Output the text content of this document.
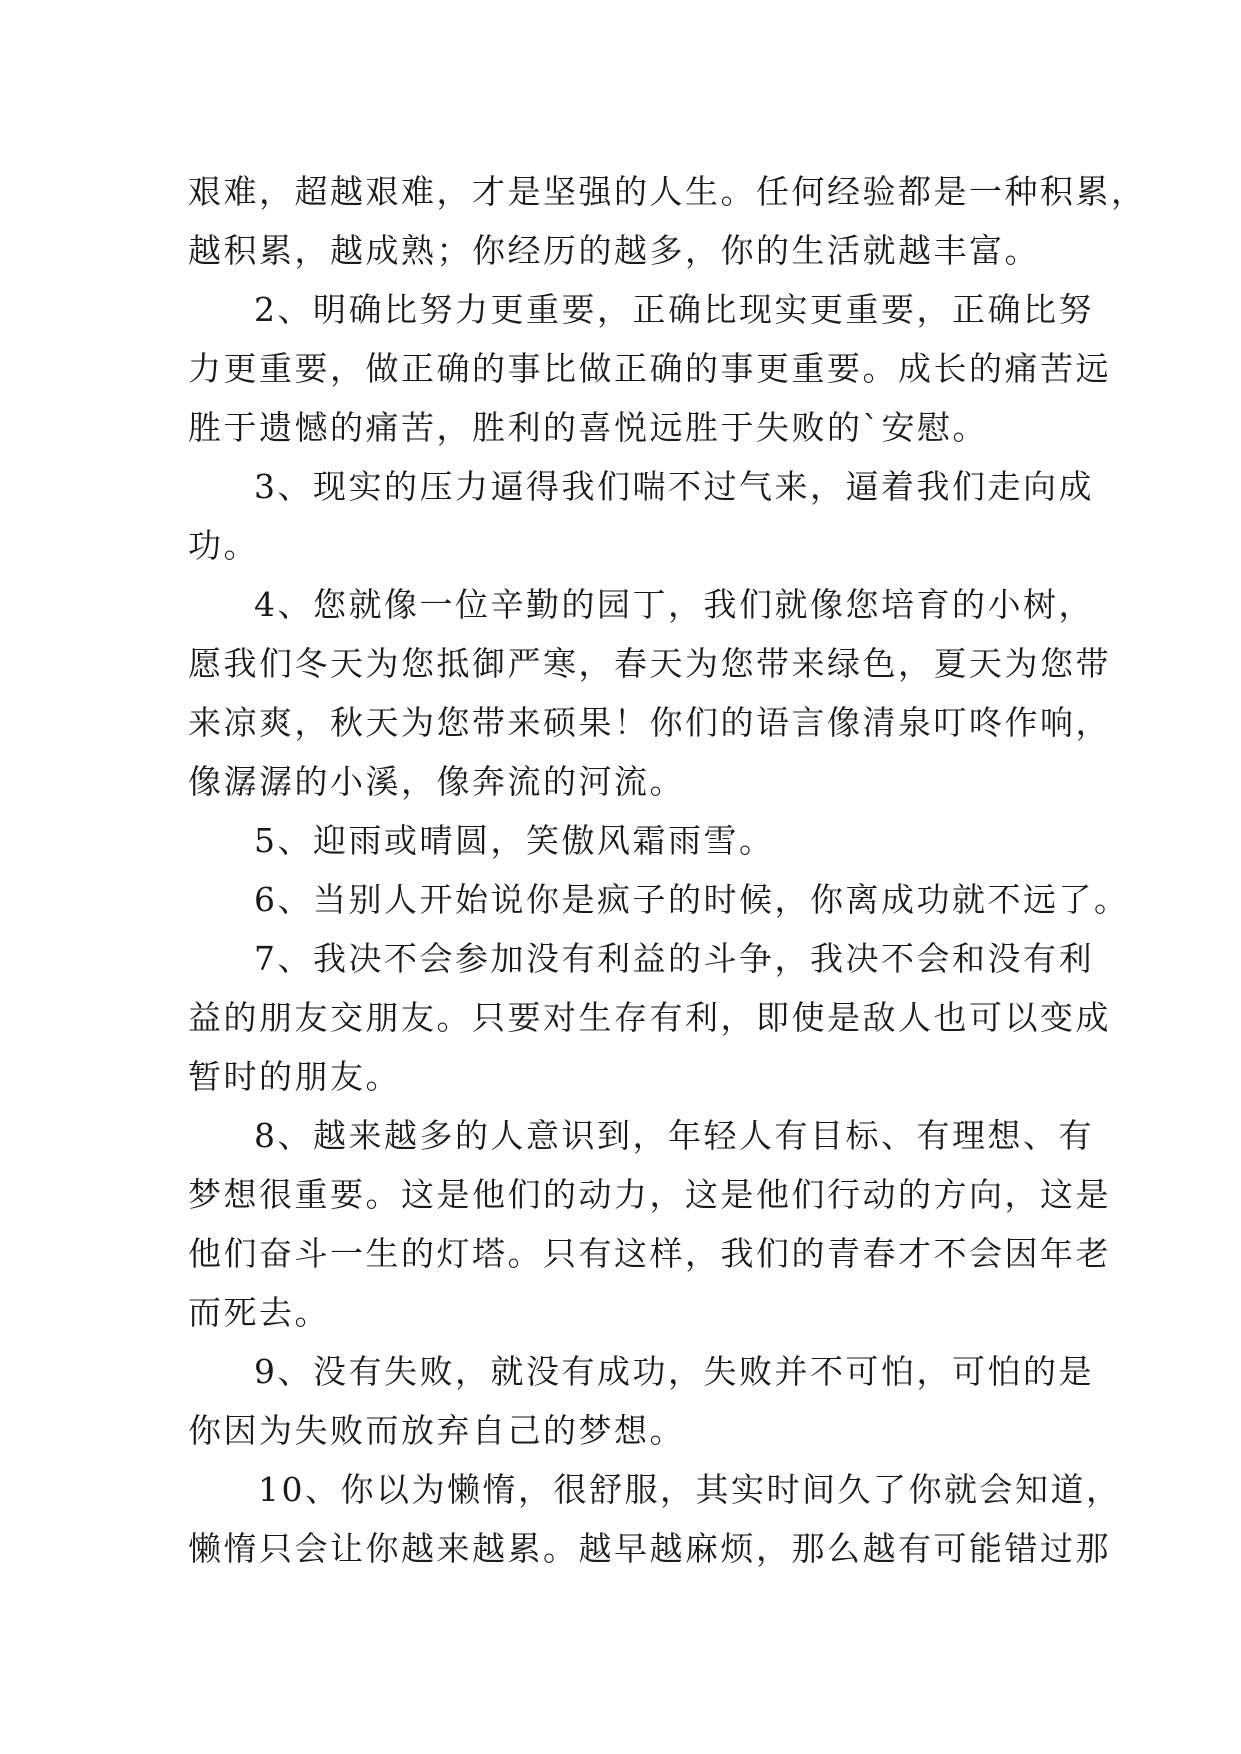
艰难，超越艰难，才是坚强的人生。任何经验都是一种积累，
越积累，越成熟；你经历的越多，你的生活就越丰富。
2、明确比努力更重要，正确比现实更重要，正确比努
力更重要，做正确的事比做正确的事更重要。成长的痛苦远
胜于遗憾的痛苦，胜利的喜悦远胜于失败的`安慰。
3、现实的压力逼得我们喘不过气来，逼着我们走向成
功。
4、您就像一位辛勤的园丁，我们就像您培育的小树，
愿我们冬天为您抵御严寒，春天为您带来绿色，夏天为您带
来凉爽，秋天为您带来硕果！你们的语言像清泉叮咚作响，
像潺潺的小溪，像奔流的河流。
5、迎雨或晴圆，笑傲风霜雨雪。
6、当别人开始说你是疯子的时候，你离成功就不远了。
7、我决不会参加没有利益的斗争，我决不会和没有利
益的朋友交朋友。只要对生存有利，即使是敌人也可以变成
暂时的朋友。
8、越来越多的人意识到，年轻人有目标、有理想、有
梦想很重要。这是他们的动力，这是他们行动的方向，这是
他们奋斗一生的灯塔。只有这样，我们的青春才不会因年老
而死去。
9、没有失败，就没有成功，失败并不可怕，可怕的是
你因为失败而放弃自己的梦想。
10、你以为懒惰，很舒服，其实时间久了你就会知道，
懒惰只会让你越来越累。越早越麻烦，那么越有可能错过那
